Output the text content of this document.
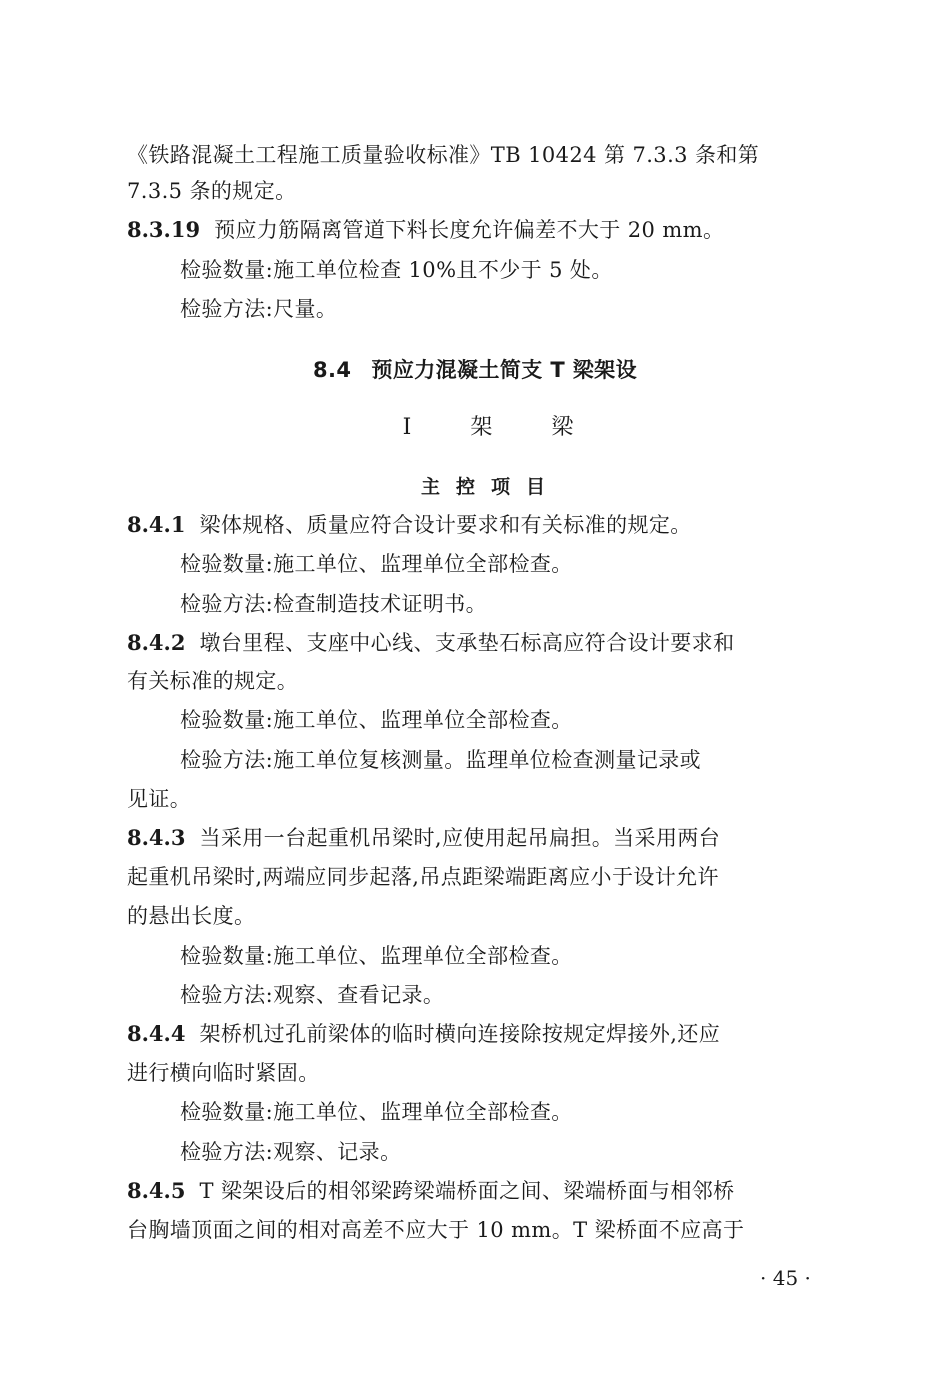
《铁路混凝土工程施工质量验收标准》TB 10424 第 7.3.3 条和第
7.3.5 条的规定。
8.3.19 预应力筋隔离管道下料长度允许偏差不大于 20 mm。
检验数量:施工单位检查 10%且不少于 5 处。
检验方法:尺量。
8.4 预应力混凝土简支 T 梁架设
Ⅰ 架 梁
主控项目
8.4.1 梁体规格、质量应符合设计要求和有关标准的规定。
检验数量:施工单位、监理单位全部检查。
检验方法:检查制造技术证明书。
8.4.2 墩台里程、支座中心线、支承垫石标高应符合设计要求和
有关标准的规定。
检验数量:施工单位、监理单位全部检查。
检验方法:施工单位复核测量。监理单位检查测量记录或
见证。
8.4.3 当采用一台起重机吊梁时,应使用起吊扁担。当采用两台
起重机吊梁时,两端应同步起落,吊点距梁端距离应小于设计允许
的悬出长度。
检验数量:施工单位、监理单位全部检查。
检验方法:观察、查看记录。
8.4.4 架桥机过孔前梁体的临时横向连接除按规定焊接外,还应
进行横向临时紧固。
检验数量:施工单位、监理单位全部检查。
检验方法:观察、记录。
8.4.5 T 梁架设后的相邻梁跨梁端桥面之间、梁端桥面与相邻桥
台胸墙顶面之间的相对高差不应大于 10 mm。T 梁桥面不应高于
· 45 ·
